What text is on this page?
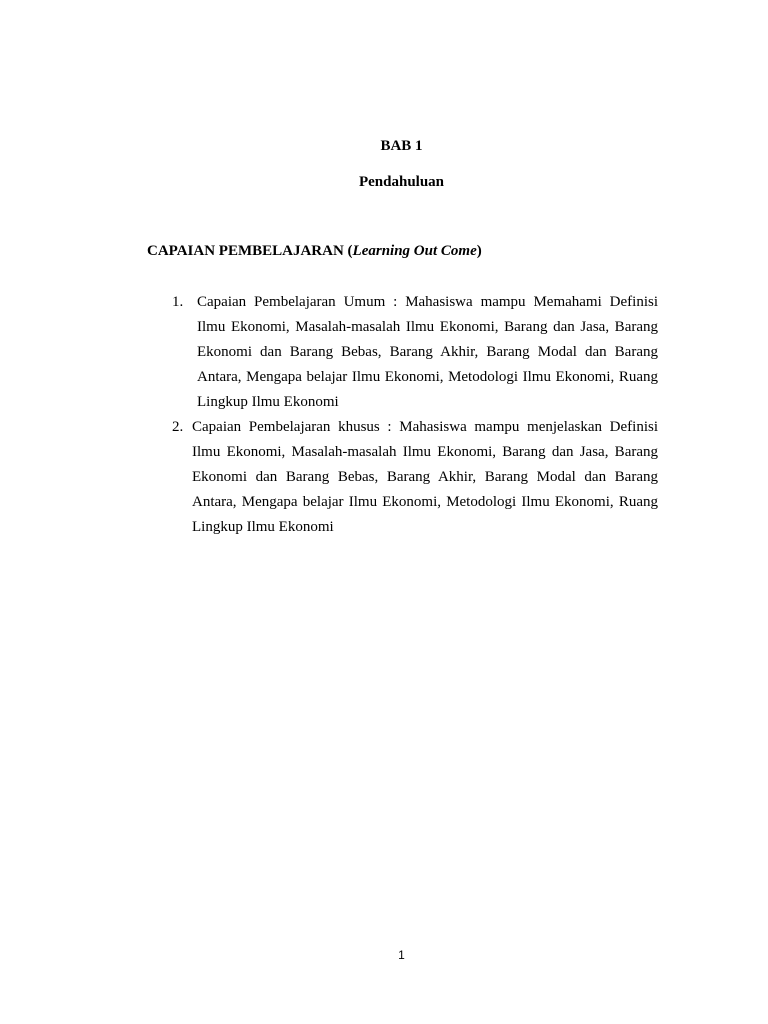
BAB 1

Pendahuluan

CAPAIAN PEMBELAJARAN (Learning Out Come)

1. Capaian Pembelajaran Umum : Mahasiswa mampu Memahami Definisi Ilmu Ekonomi, Masalah-masalah Ilmu Ekonomi, Barang dan Jasa, Barang Ekonomi dan Barang Bebas, Barang Akhir, Barang Modal dan Barang Antara, Mengapa belajar Ilmu Ekonomi, Metodologi Ilmu Ekonomi, Ruang Lingkup Ilmu Ekonomi
2. Capaian Pembelajaran khusus : Mahasiswa mampu menjelaskan Definisi Ilmu Ekonomi, Masalah-masalah Ilmu Ekonomi, Barang dan Jasa, Barang Ekonomi dan Barang Bebas, Barang Akhir, Barang Modal dan Barang Antara, Mengapa belajar Ilmu Ekonomi, Metodologi Ilmu Ekonomi, Ruang Lingkup Ilmu Ekonomi

1
